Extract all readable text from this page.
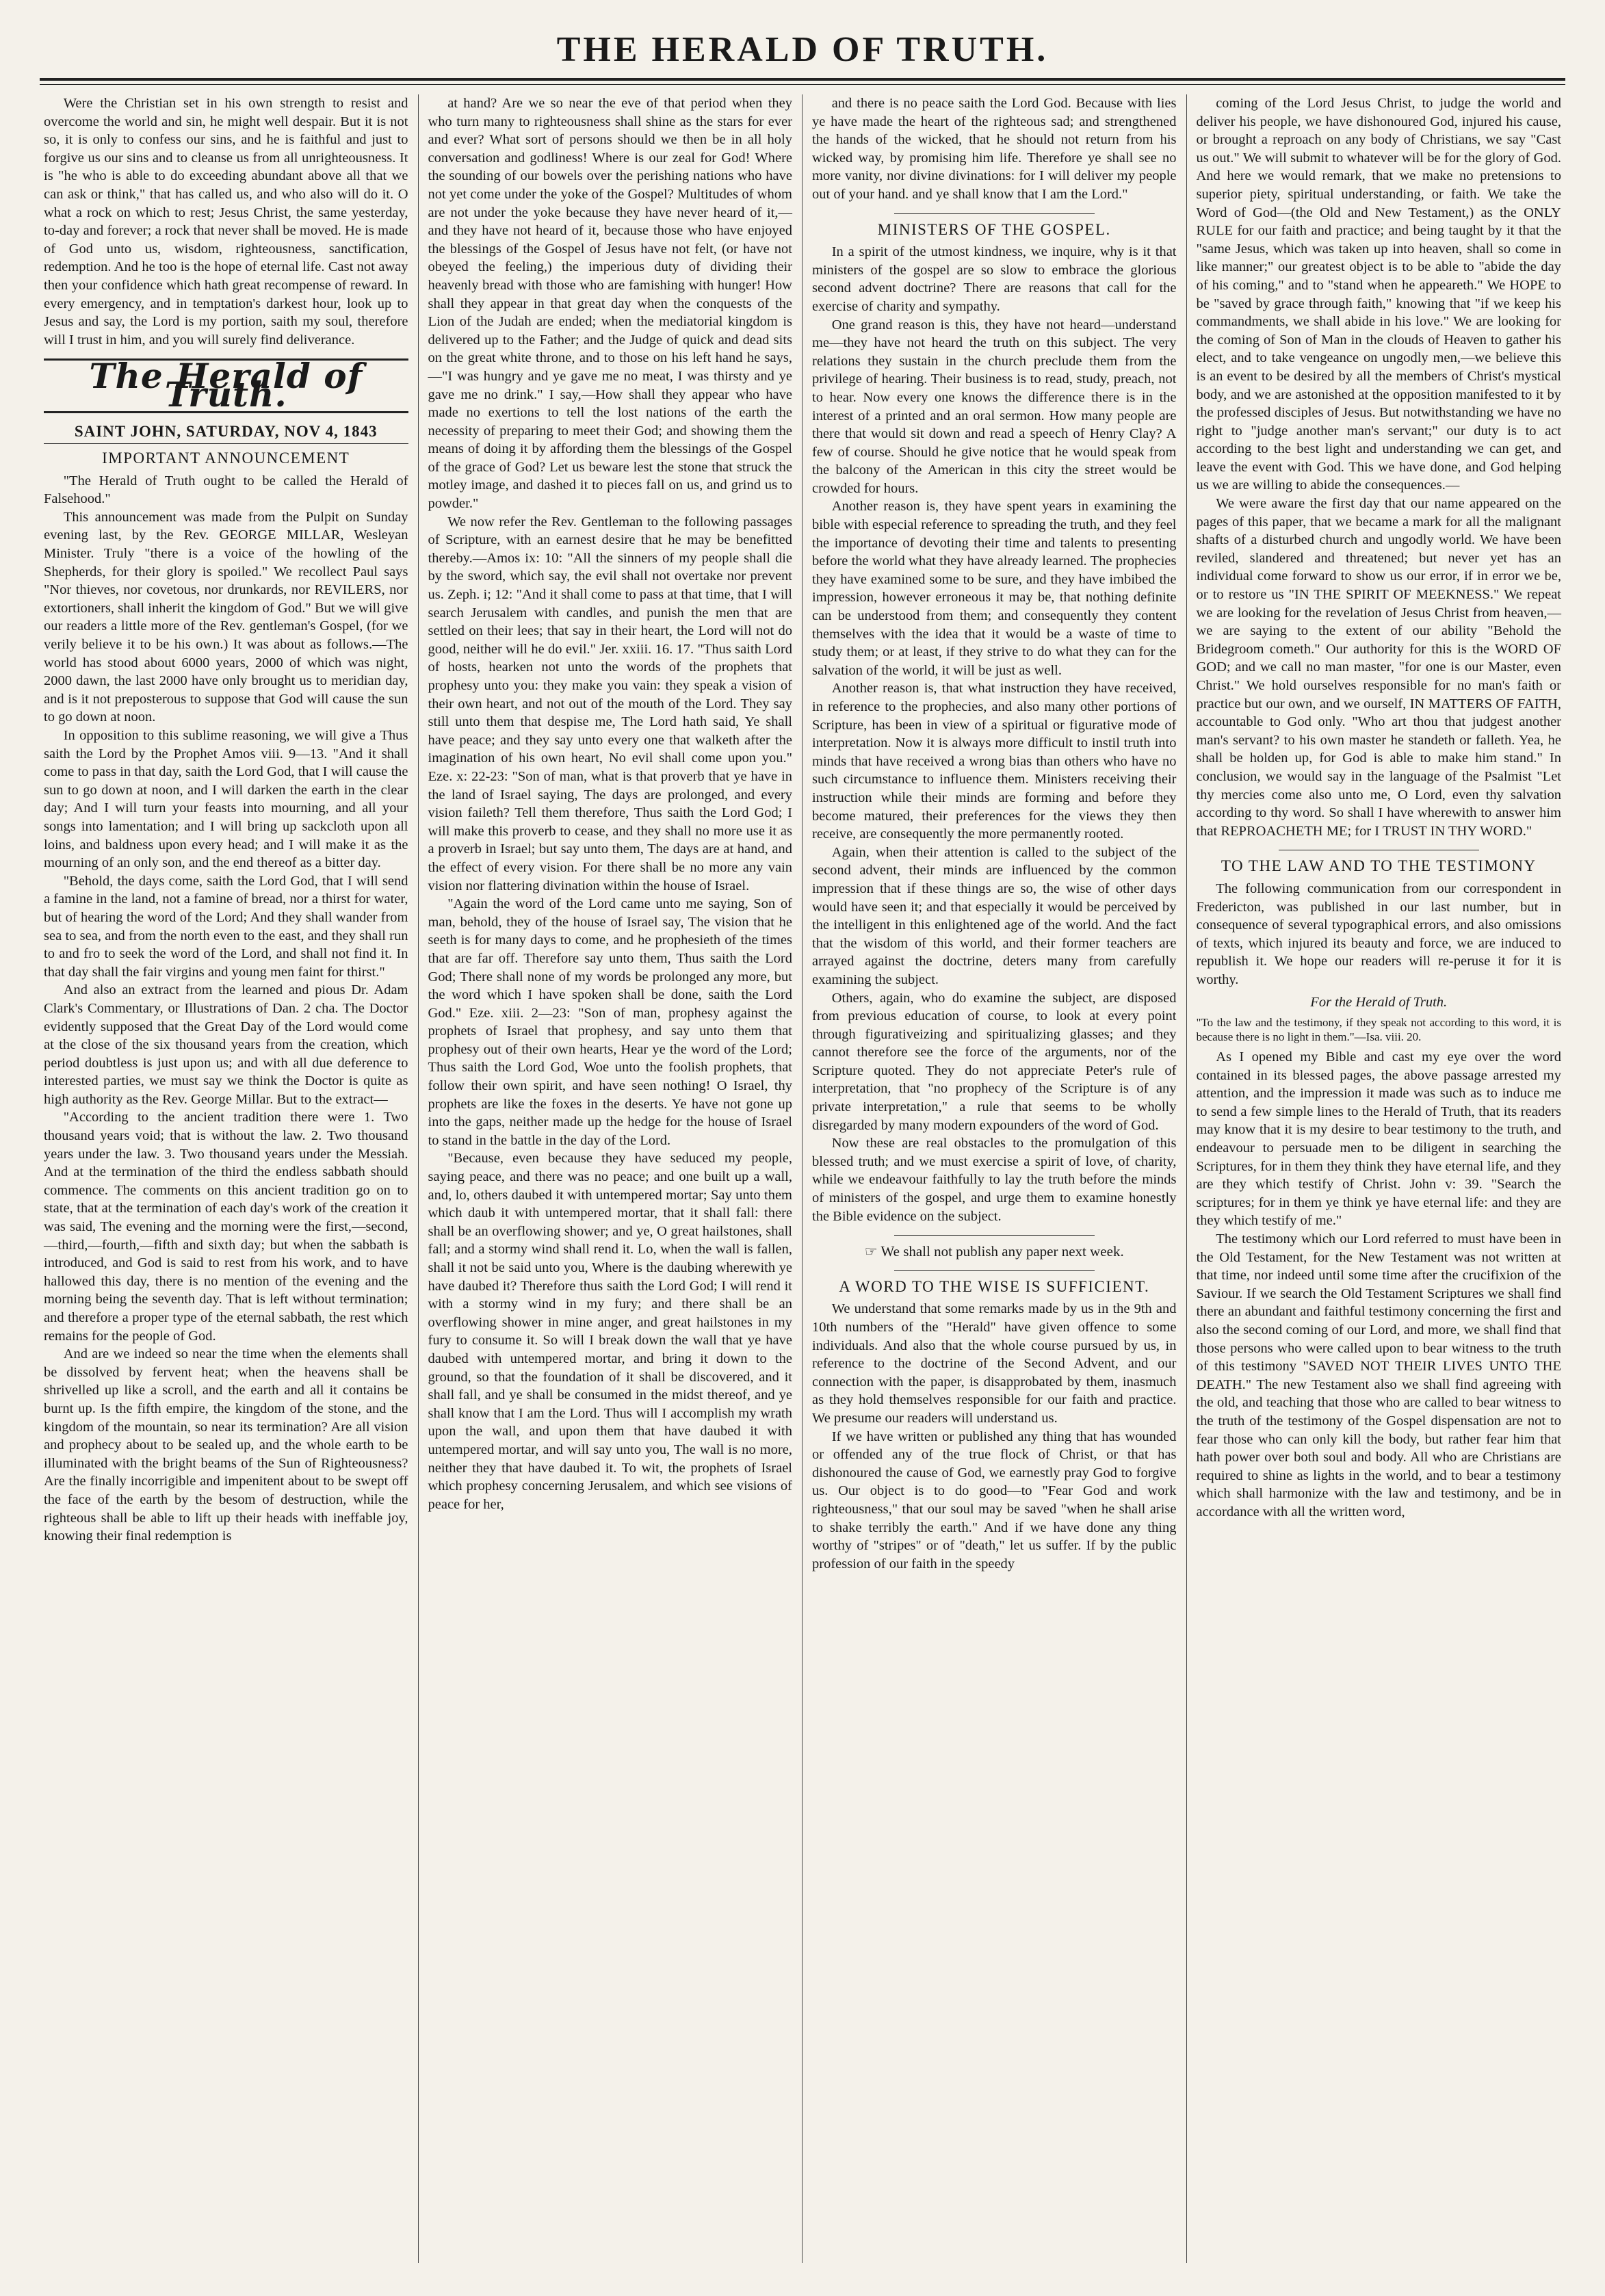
THE HERALD OF TRUTH.

Were the Christian set in his own strength to resist and overcome the world and sin, he might well despair. But it is not so, it is only to confess our sins, and he is faithful and just to forgive us our sins and to cleanse us from all unrighteousness. It is "he who is able to do exceeding abundant above all that we can ask or think," that has called us, and who also will do it. O what a rock on which to rest; Jesus Christ, the same yesterday, to-day and forever; a rock that never shall be moved. He is made of God unto us, wisdom, righteousness, sanctification, redemption. And he too is the hope of eternal life. Cast not away then your confidence which hath great recompense of reward. In every emergency, and in temptation's darkest hour, look up to Jesus and say, the Lord is my portion, saith my soul, therefore will I trust in him, and you will surely find deliverance.

The Herald of Truth.
SAINT JOHN, SATURDAY, NOV 4, 1843
IMPORTANT ANNOUNCEMENT

"The Herald of Truth ought to be called the Herald of Falsehood."

This announcement was made from the Pulpit on Sunday evening last, by the Rev. GEORGE MILLAR, Wesleyan Minister. Truly "there is a voice of the howling of the Shepherds, for their glory is spoiled." We recollect Paul says "Nor thieves, nor covetous, nor drunkards, nor REVILERS, nor extortioners, shall inherit the kingdom of God." But we will give our readers a little more of the Rev. gentleman's Gospel, (for we verily believe it to be his own.) It was about as follows.—The world has stood about 6000 years, 2000 of which was night, 2000 dawn, the last 2000 have only brought us to meridian day, and is it not preposterous to suppose that God will cause the sun to go down at noon.

In opposition to this sublime reasoning, we will give a Thus saith the Lord by the Prophet Amos viii. 9—13. "And it shall come to pass in that day, saith the Lord God, that I will cause the sun to go down at noon, and I will darken the earth in the clear day; And I will turn your feasts into mourning, and all your songs into lamentation; and I will bring up sackcloth upon all loins, and baldness upon every head; and I will make it as the mourning of an only son, and the end thereof as a bitter day.

"Behold, the days come, saith the Lord God, that I will send a famine in the land, not a famine of bread, nor a thirst for water, but of hearing the word of the Lord; And they shall wander from sea to sea, and from the north even to the east, and they shall run to and fro to seek the word of the Lord, and shall not find it. In that day shall the fair virgins and young men faint for thirst."

And also an extract from the learned and pious Dr. Adam Clark's Commentary, or Illustrations of Dan. 2 cha. The Doctor evidently supposed that the Great Day of the Lord would come at the close of the six thousand years from the creation, which period doubtless is just upon us; and with all due deference to interested parties, we must say we think the Doctor is quite as high authority as the Rev. George Millar. But to the extract—

"According to the ancient tradition there were 1. Two thousand years void; that is without the law. 2. Two thousand years under the law. 3. Two thousand years under the Messiah. And at the termination of the third the endless sabbath should commence. The comments on this ancient tradition go on to state, that at the termination of each day's work of the creation it was said, The evening and the morning were the first,—second,—third,—fourth,—fifth and sixth day; but when the sabbath is introduced, and God is said to rest from his work, and to have hallowed this day, there is no mention of the evening and the morning being the seventh day. That is left without termination; and therefore a proper type of the eternal sabbath, the rest which remains for the people of God.

And are we indeed so near the time when the elements shall be dissolved by fervent heat; when the heavens shall be shrivelled up like a scroll, and the earth and all it contains be burnt up. Is the fifth empire, the kingdom of the stone, and the kingdom of the mountain, so near its termination? Are all vision and prophecy about to be sealed up, and the whole earth to be illuminated with the bright beams of the Sun of Righteousness? Are the finally incorrigible and impenitent about to be swept off the face of the earth by the besom of destruction, while the righteous shall be able to lift up their heads with ineffable joy, knowing their final redemption is

at hand? Are we so near the eve of that period when they who turn many to righteousness shall shine as the stars for ever and ever? What sort of persons should we then be in all holy conversation and godliness! Where is our zeal for God! Where the sounding of our bowels over the perishing nations who have not yet come under the yoke of the Gospel? Multitudes of whom are not under the yoke because they have never heard of it,—and they have not heard of it, because those who have enjoyed the blessings of the Gospel of Jesus have not felt, (or have not obeyed the feeling,) the imperious duty of dividing their heavenly bread with those who are famishing with hunger! How shall they appear in that great day when the conquests of the Lion of the Judah are ended; when the mediatorial kingdom is delivered up to the Father; and the Judge of quick and dead sits on the great white throne, and to those on his left hand he says,—"I was hungry and ye gave me no meat, I was thirsty and ye gave me no drink." I say,—How shall they appear who have made no exertions to tell the lost nations of the earth the necessity of preparing to meet their God; and showing them the means of doing it by affording them the blessings of the Gospel of the grace of God? Let us beware lest the stone that struck the motley image, and dashed it to pieces fall on us, and grind us to powder."

We now refer the Rev. Gentleman to the following passages of Scripture, with an earnest desire that he may be benefitted thereby.—Amos ix: 10: "All the sinners of my people shall die by the sword, which say, the evil shall not overtake nor prevent us. Zeph. i; 12: "And it shall come to pass at that time, that I will search Jerusalem with candles, and punish the men that are settled on their lees; that say in their heart, the Lord will not do good, neither will he do evil." Jer. xxiii. 16. 17. "Thus saith Lord of hosts, hearken not unto the words of the prophets that prophesy unto you: they make you vain: they speak a vision of their own heart, and not out of the mouth of the Lord. They say still unto them that despise me, The Lord hath said, Ye shall have peace; and they say unto every one that walketh after the imagination of his own heart, No evil shall come upon you." Eze. x: 22-23: "Son of man, what is that proverb that ye have in the land of Israel saying, The days are prolonged, and every vision faileth? Tell them therefore, Thus saith the Lord God; I will make this proverb to cease, and they shall no more use it as a proverb in Israel; but say unto them, The days are at hand, and the effect of every vision. For there shall be no more any vain vision nor flattering divination within the house of Israel.

"Again the word of the Lord came unto me saying, Son of man, behold, they of the house of Israel say, The vision that he seeth is for many days to come, and he prophesieth of the times that are far off. Therefore say unto them, Thus saith the Lord God; There shall none of my words be prolonged any more, but the word which I have spoken shall be done, saith the Lord God." Eze. xiii. 2—23: "Son of man, prophesy against the prophets of Israel that prophesy, and say unto them that prophesy out of their own hearts, Hear ye the word of the Lord; Thus saith the Lord God, Woe unto the foolish prophets, that follow their own spirit, and have seen nothing! O Israel, thy prophets are like the foxes in the deserts. Ye have not gone up into the gaps, neither made up the hedge for the house of Israel to stand in the battle in the day of the Lord.

"Because, even because they have seduced my people, saying peace, and there was no peace; and one built up a wall, and, lo, others daubed it with untempered mortar; Say unto them which daub it with untempered mortar, that it shall fall: there shall be an overflowing shower; and ye, O great hailstones, shall fall; and a stormy wind shall rend it. Lo, when the wall is fallen, shall it not be said unto you, Where is the daubing wherewith ye have daubed it? Therefore thus saith the Lord God; I will rend it with a stormy wind in my fury; and there shall be an overflowing shower in mine anger, and great hailstones in my fury to consume it. So will I break down the wall that ye have daubed with untempered mortar, and bring it down to the ground, so that the foundation of it shall be discovered, and it shall fall, and ye shall be consumed in the midst thereof, and ye shall know that I am the Lord. Thus will I accomplish my wrath upon the wall, and upon them that have daubed it with untempered mortar, and will say unto you, The wall is no more, neither they that have daubed it. To wit, the prophets of Israel which prophesy concerning Jerusalem, and which see visions of peace for her,

and there is no peace saith the Lord God. Because with lies ye have made the heart of the righteous sad; and strengthened the hands of the wicked, that he should not return from his wicked way, by promising him life. Therefore ye shall see no more vanity, nor divine divinations: for I will deliver my people out of your hand. and ye shall know that I am the Lord."

MINISTERS OF THE GOSPEL.

In a spirit of the utmost kindness, we inquire, why is it that ministers of the gospel are so slow to embrace the glorious second advent doctrine? There are reasons that call for the exercise of charity and sympathy.

One grand reason is this, they have not heard—understand me—they have not heard the truth on this subject. The very relations they sustain in the church preclude them from the privilege of hearing. Their business is to read, study, preach, not to hear. Now every one knows the difference there is in the interest of a printed and an oral sermon. How many people are there that would sit down and read a speech of Henry Clay? A few of course. Should he give notice that he would speak from the balcony of the American in this city the street would be crowded for hours.

Another reason is, they have spent years in examining the bible with especial reference to spreading the truth, and they feel the importance of devoting their time and talents to presenting before the world what they have already learned. The prophecies they have examined some to be sure, and they have imbibed the impression, however erroneous it may be, that nothing definite can be understood from them; and consequently they content themselves with the idea that it would be a waste of time to study them; or at least, if they strive to do what they can for the salvation of the world, it will be just as well.

Another reason is, that what instruction they have received, in reference to the prophecies, and also many other portions of Scripture, has been in view of a spiritual or figurative mode of interpretation. Now it is always more difficult to instil truth into minds that have received a wrong bias than others who have no such circumstance to influence them. Ministers receiving their instruction while their minds are forming and before they become matured, their preferences for the views they then receive, are consequently the more permanently rooted.

Again, when their attention is called to the subject of the second advent, their minds are influenced by the common impression that if these things are so, the wise of other days would have seen it; and that especially it would be perceived by the intelligent in this enlightened age of the world. And the fact that the wisdom of this world, and their former teachers are arrayed against the doctrine, deters many from carefully examining the subject.

Others, again, who do examine the subject, are disposed from previous education of course, to look at every point through figurativeizing and spiritualizing glasses; and they cannot therefore see the force of the arguments, nor of the Scripture quoted. They do not appreciate Peter's rule of interpretation, that "no prophecy of the Scripture is of any private interpretation," a rule that seems to be wholly disregarded by many modern expounders of the word of God.

Now these are real obstacles to the promulgation of this blessed truth; and we must exercise a spirit of love, of charity, while we endeavour faithfully to lay the truth before the minds of ministers of the gospel, and urge them to examine honestly the Bible evidence on the subject.

☞ We shall not publish any paper next week.
A WORD TO THE WISE IS SUFFICIENT.

We understand that some remarks made by us in the 9th and 10th numbers of the "Herald" have given offence to some individuals. And also that the whole course pursued by us, in reference to the doctrine of the Second Advent, and our connection with the paper, is disapprobated by them, inasmuch as they hold themselves responsible for our faith and practice. We presume our readers will understand us.

If we have written or published any thing that has wounded or offended any of the true flock of Christ, or that has dishonoured the cause of God, we earnestly pray God to forgive us. Our object is to do good—to "Fear God and work righteousness," that our soul may be saved "when he shall arise to shake terribly the earth." And if we have done any thing worthy of "stripes" or of "death," let us suffer. If by the public profession of our faith in the speedy

coming of the Lord Jesus Christ, to judge the world and deliver his people, we have dishonoured God, injured his cause, or brought a reproach on any body of Christians, we say "Cast us out." We will submit to whatever will be for the glory of God. And here we would remark, that we make no pretensions to superior piety, spiritual understanding, or faith. We take the Word of God—(the Old and New Testament,) as the ONLY RULE for our faith and practice; and being taught by it that the "same Jesus, which was taken up into heaven, shall so come in like manner;" our greatest object is to be able to "abide the day of his coming," and to "stand when he appeareth." We HOPE to be "saved by grace through faith," knowing that "if we keep his commandments, we shall abide in his love." We are looking for the coming of Son of Man in the clouds of Heaven to gather his elect, and to take vengeance on ungodly men,—we believe this is an event to be desired by all the members of Christ's mystical body, and we are astonished at the opposition manifested to it by the professed disciples of Jesus. But notwithstanding we have no right to "judge another man's servant;" our duty is to act according to the best light and understanding we can get, and leave the event with God. This we have done, and God helping us we are willing to abide the consequences.—

We were aware the first day that our name appeared on the pages of this paper, that we became a mark for all the malignant shafts of a disturbed church and ungodly world. We have been reviled, slandered and threatened; but never yet has an individual come forward to show us our error, if in error we be, or to restore us "IN THE SPIRIT OF MEEKNESS." We repeat we are looking for the revelation of Jesus Christ from heaven,—we are saying to the extent of our ability "Behold the Bridegroom cometh." Our authority for this is the WORD OF GOD; and we call no man master, "for one is our Master, even Christ." We hold ourselves responsible for no man's faith or practice but our own, and we ourself, IN MATTERS OF FAITH, accountable to God only. "Who art thou that judgest another man's servant? to his own master he standeth or falleth. Yea, he shall be holden up, for God is able to make him stand." In conclusion, we would say in the language of the Psalmist "Let thy mercies come also unto me, O Lord, even thy salvation according to thy word. So shall I have wherewith to answer him that REPROACHETH ME; for I TRUST IN THY WORD."

TO THE LAW AND TO THE TESTIMONY

The following communication from our correspondent in Fredericton, was published in our last number, but in consequence of several typographical errors, and also omissions of texts, which injured its beauty and force, we are induced to republish it. We hope our readers will re-peruse it for it is worthy.

For the Herald of Truth.
"To the law and the testimony, if they speak not according to this word, it is because there is no light in them."—Isa. viii. 20.

As I opened my Bible and cast my eye over the word contained in its blessed pages, the above passage arrested my attention, and the impression it made was such as to induce me to send a few simple lines to the Herald of Truth, that its readers may know that it is my desire to bear testimony to the truth, and endeavour to persuade men to be diligent in searching the Scriptures, for in them they think they have eternal life, and they are they which testify of Christ. John v: 39. "Search the scriptures; for in them ye think ye have eternal life: and they are they which testify of me."

The testimony which our Lord referred to must have been in the Old Testament, for the New Testament was not written at that time, nor indeed until some time after the crucifixion of the Saviour. If we search the Old Testament Scriptures we shall find there an abundant and faithful testimony concerning the first and also the second coming of our Lord, and more, we shall find that those persons who were called upon to bear witness to the truth of this testimony "SAVED NOT THEIR LIVES UNTO THE DEATH." The new Testament also we shall find agreeing with the old, and teaching that those who are called to bear witness to the truth of the testimony of the Gospel dispensation are not to fear those who can only kill the body, but rather fear him that hath power over both soul and body. All who are Christians are required to shine as lights in the world, and to bear a testimony which shall harmonize with the law and testimony, and be in accordance with all the written word,
